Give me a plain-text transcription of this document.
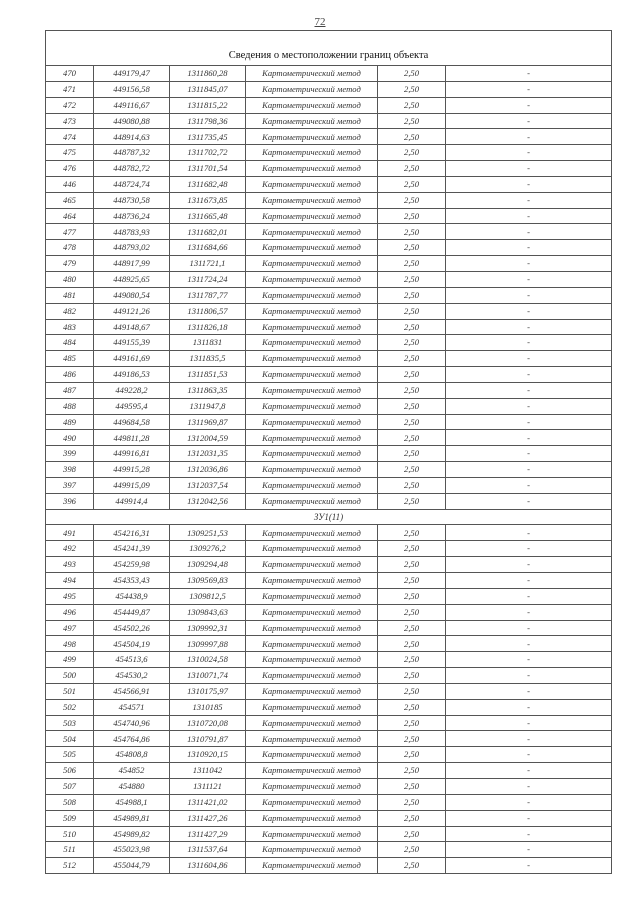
72
Сведения о местоположении границ объекта					
470	449179,47	1311860,28	Картометрический метод	2,50	-
471	449156,58	1311845,07	Картометрический метод	2,50	-
472	449116,67	1311815,22	Картометрический метод	2,50	-
473	449080,88	1311798,36	Картометрический метод	2,50	-
474	448914,63	1311735,45	Картометрический метод	2,50	-
475	448787,32	1311702,72	Картометрический метод	2,50	-
476	448782,72	1311701,54	Картометрический метод	2,50	-
446	448724,74	1311682,48	Картометрический метод	2,50	-
465	448730,58	1311673,85	Картометрический метод	2,50	-
464	448736,24	1311665,48	Картометрический метод	2,50	-
477	448783,93	1311682,01	Картометрический метод	2,50	-
478	448793,02	1311684,66	Картометрический метод	2,50	-
479	448917,99	1311721,1	Картометрический метод	2,50	-
480	448925,65	1311724,24	Картометрический метод	2,50	-
481	449080,54	1311787,77	Картометрический метод	2,50	-
482	449121,26	1311806,57	Картометрический метод	2,50	-
483	449148,67	1311826,18	Картометрический метод	2,50	-
484	449155,39	1311831	Картометрический метод	2,50	-
485	449161,69	1311835,5	Картометрический метод	2,50	-
486	449186,53	1311851,53	Картометрический метод	2,50	-
487	449228,2	1311863,35	Картометрический метод	2,50	-
488	449595,4	1311947,8	Картометрический метод	2,50	-
489	449684,58	1311969,87	Картометрический метод	2,50	-
490	449811,28	1312004,59	Картометрический метод	2,50	-
399	449916,81	1312031,35	Картометрический метод	2,50	-
398	449915,28	1312036,86	Картометрический метод	2,50	-
397	449915,09	1312037,54	Картометрический метод	2,50	-
396	449914,4	1312042,56	Картометрический метод	2,50	-
ЗУ1(11)					
491	454216,31	1309251,53	Картометрический метод	2,50	-
492	454241,39	1309276,2	Картометрический метод	2,50	-
493	454259,98	1309294,48	Картометрический метод	2,50	-
494	454353,43	1309569,83	Картометрический метод	2,50	-
495	454438,9	1309812,5	Картометрический метод	2,50	-
496	454449,87	1309843,63	Картометрический метод	2,50	-
497	454502,26	1309992,31	Картометрический метод	2,50	-
498	454504,19	1309997,88	Картометрический метод	2,50	-
499	454513,6	1310024,58	Картометрический метод	2,50	-
500	454530,2	1310071,74	Картометрический метод	2,50	-
501	454566,91	1310175,97	Картометрический метод	2,50	-
502	454571	1310185	Картометрический метод	2,50	-
503	454740,96	1310720,08	Картометрический метод	2,50	-
504	454764,86	1310791,87	Картометрический метод	2,50	-
505	454808,8	1310920,15	Картометрический метод	2,50	-
506	454852	1311042	Картометрический метод	2,50	-
507	454880	1311121	Картометрический метод	2,50	-
508	454988,1	1311421,02	Картометрический метод	2,50	-
509	454989,81	1311427,26	Картометрический метод	2,50	-
510	454989,82	1311427,29	Картометрический метод	2,50	-
511	455023,98	1311537,64	Картометрический метод	2,50	-
512	455044,79	1311604,86	Картометрический метод	2,50	-
